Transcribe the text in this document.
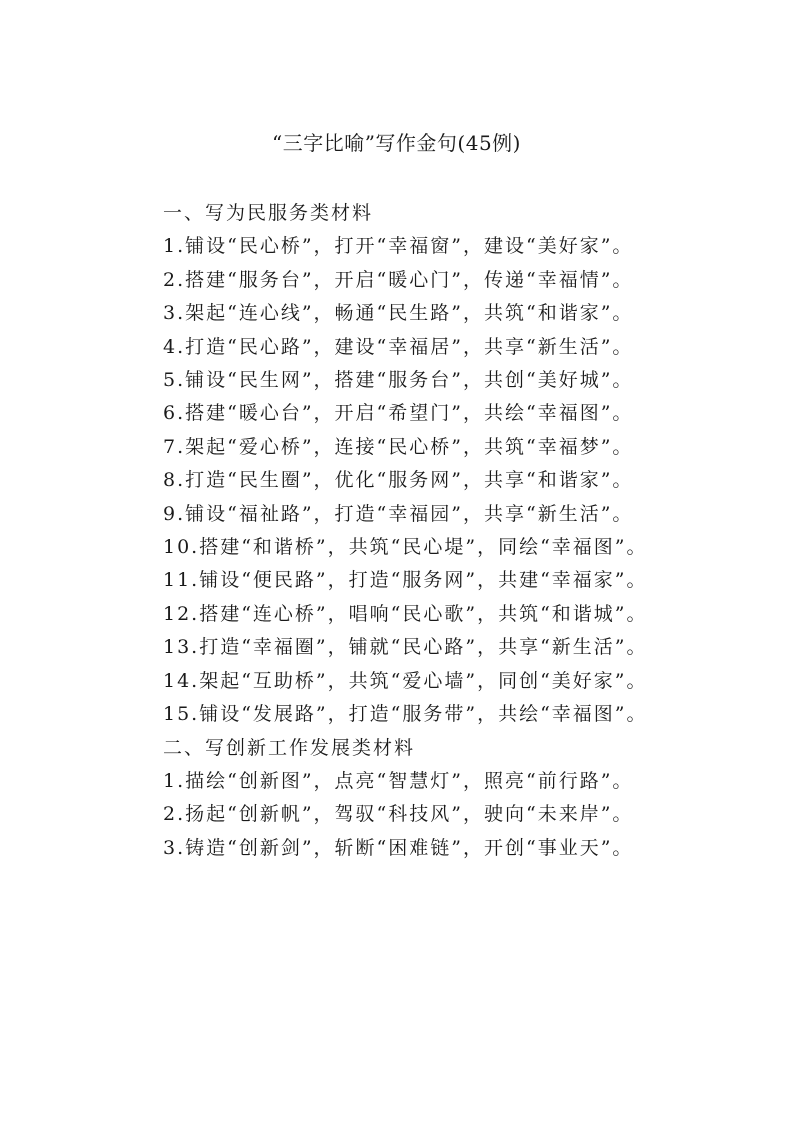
“三字比喻”写作金句(45例)
一、写为民服务类材料
1.铺设“民心桥”，打开“幸福窗”，建设“美好家”。
2.搭建“服务台”，开启“暖心门”，传递“幸福情”。
3.架起“连心线”，畅通“民生路”，共筑“和谐家”。
4.打造“民心路”，建设“幸福居”，共享“新生活”。
5.铺设“民生网”，搭建“服务台”，共创“美好城”。
6.搭建“暖心台”，开启“希望门”，共绘“幸福图”。
7.架起“爱心桥”，连接“民心桥”，共筑“幸福梦”。
8.打造“民生圈”，优化“服务网”，共享“和谐家”。
9.铺设“福祉路”，打造“幸福园”，共享“新生活”。
10.搭建“和谐桥”，共筑“民心堤”，同绘“幸福图”。
11.铺设“便民路”，打造“服务网”，共建“幸福家”。
12.搭建“连心桥”，唱响“民心歌”，共筑“和谐城”。
13.打造“幸福圈”，铺就“民心路”，共享“新生活”。
14.架起“互助桥”，共筑“爱心墙”，同创“美好家”。
15.铺设“发展路”，打造“服务带”，共绘“幸福图”。
二、写创新工作发展类材料
1.描绘“创新图”，点亮“智慧灯”，照亮“前行路”。
2.扬起“创新帆”，驾驭“科技风”，驶向“未来岸”。
3.铸造“创新剑”，斩断“困难链”，开创“事业天”。
